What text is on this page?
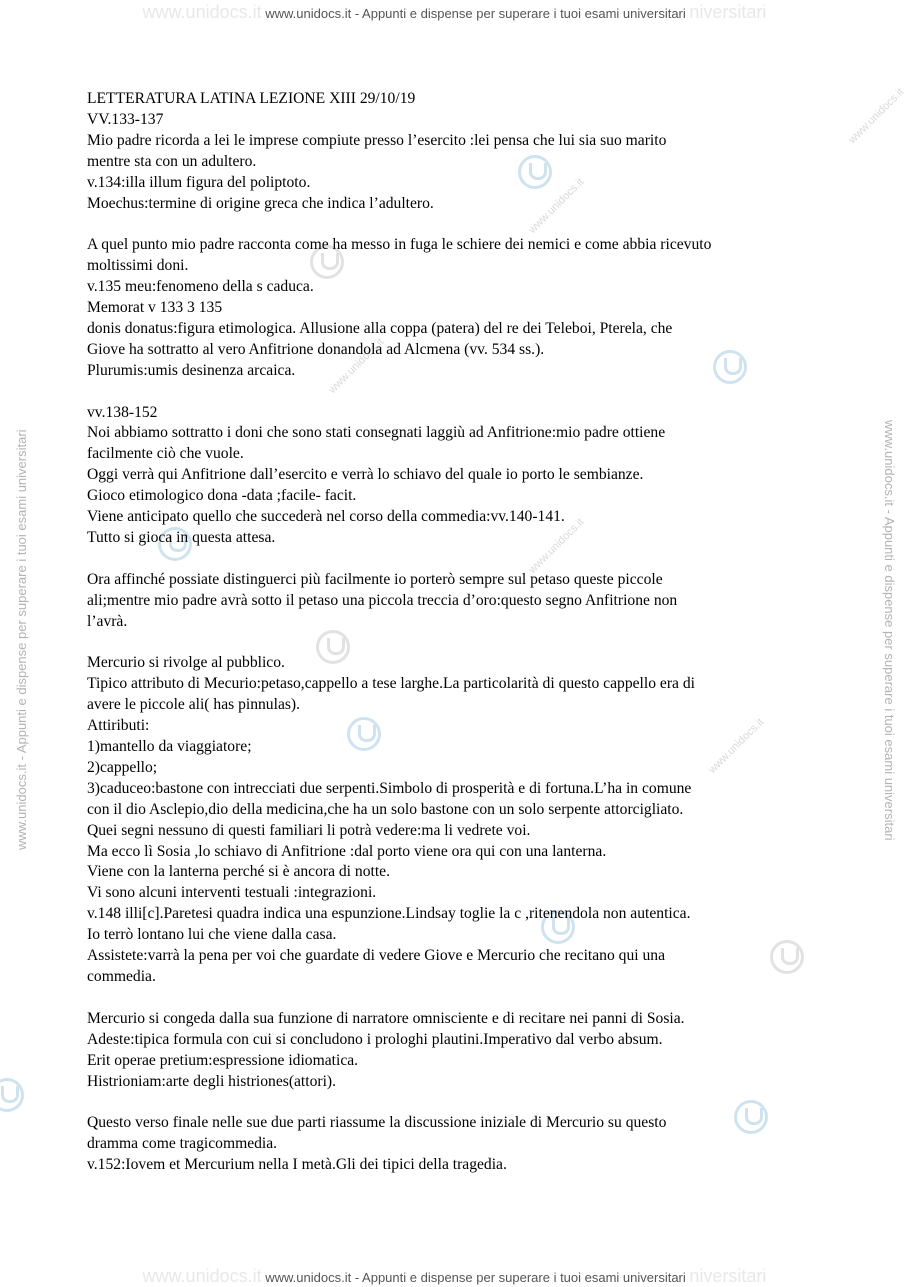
www.unidocs.it www.unidocs.it - Appunti e dispense per superare i tuoi esami universitari niversitari
www.unidocs.it www.unidocs.it - Appunti e dispense per superare i tuoi esami universitari niversitari
www.unidocs.it - Appunti e dispense per superare i tuoi esami universitari	www.unidocs.it - Appunti e dispense per superare i tuoi esami universitari
www.unidocs.it
www.unidocs.it
www.unidocs.it
www.unidocs.it
www.unidocs.it

LETTERATURA LATINA LEZIONE XIII 29/10/19

VV.133-137

Mio padre ricorda a lei le imprese compiute presso l’esercito :lei pensa che lui sia suo marito

mentre sta con un adultero.

v.134:illa illum figura del poliptoto.

Moechus:termine di origine greca che indica l’adultero.

A quel punto mio padre racconta come ha messo in fuga le schiere dei nemici e come abbia ricevuto

moltissimi doni.

v.135 meu:fenomeno della s caduca.

Memorat v 133 3 135

donis donatus:figura etimologica. Allusione alla coppa (patera) del re dei Teleboi, Pterela, che

Giove ha sottratto al vero Anfitrione donandola ad Alcmena (vv. 534 ss.).

Plurumis:umis desinenza arcaica.

vv.138-152

Noi abbiamo sottratto i doni che sono stati consegnati laggiù ad Anfitrione:mio padre ottiene

facilmente ciò che vuole.

Oggi verrà qui Anfitrione dall’esercito e verrà lo schiavo del quale io porto le sembianze.

Gioco etimologico dona -data ;facile- facit.

Viene anticipato quello che succederà nel corso della commedia:vv.140-141.

Tutto si gioca in questa attesa.

Ora affinché possiate distinguerci più facilmente io porterò sempre sul petaso queste piccole

ali;mentre mio padre avrà sotto il petaso una piccola treccia d’oro:questo segno Anfitrione non

l’avrà.

Mercurio si rivolge al pubblico.

Tipico attributo di Mecurio:petaso,cappello a tese larghe.La particolarità di questo cappello era di

avere le piccole ali( has pinnulas).

Attiributi:

1)mantello da viaggiatore;

2)cappello;

3)caduceo:bastone con intrecciati due serpenti.Simbolo di prosperità e di fortuna.L’ha in comune

con il dio Asclepio,dio della medicina,che ha un solo bastone con un solo serpente attorcigliato.

Quei segni nessuno di questi familiari li potrà vedere:ma li vedrete voi.

Ma ecco lì Sosia ,lo schiavo di Anfitrione :dal porto viene ora qui con una lanterna.

Viene con la lanterna perché si è ancora di notte.

Vi sono alcuni interventi testuali :integrazioni.

v.148 illi[c].Paretesi quadra indica una espunzione.Lindsay toglie la c ,ritenendola non autentica.

Io terrò lontano lui che viene dalla casa.

Assistete:varrà la pena per voi che guardate di vedere Giove e Mercurio che recitano qui una

commedia.

Mercurio si congeda dalla sua funzione di narratore omnisciente e di recitare nei panni di Sosia.

Adeste:tipica formula con cui si concludono i prologhi plautini.Imperativo dal verbo absum.

Erit operae pretium:espressione idiomatica.

Histrioniam:arte degli histriones(attori).

Questo verso finale nelle sue due parti riassume la discussione iniziale di Mercurio su questo

dramma come tragicommedia.

v.152:Iovem et Mercurium nella I metà.Gli dei tipici della tragedia.
